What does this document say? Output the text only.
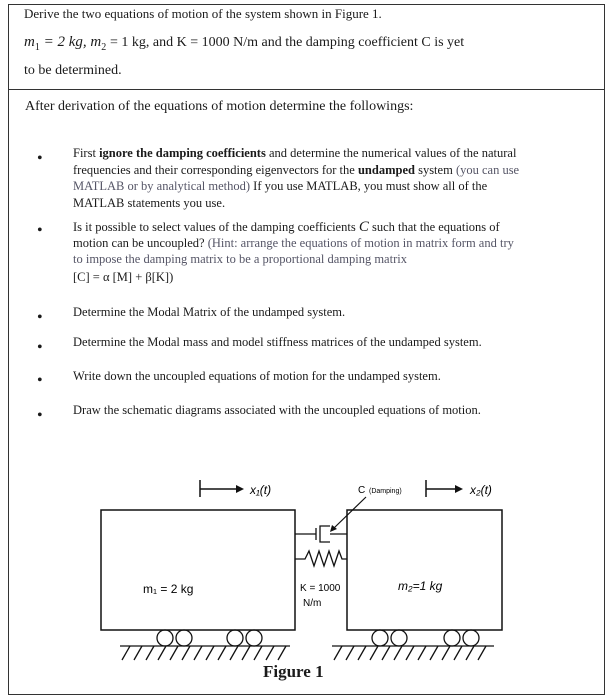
Derive the two equations of motion of the system shown in Figure 1.
$m_1 = 2$ kg, $m_2 = 1$ kg, and K = 1000 N/m and the damping coefficient C is yet
to be determined.
After derivation of the equations of motion determine the followings:
• First ignore the damping coefficients and determine the numerical values of the natural
frequencies and their corresponding eigenvectors for the undamped system (you can use
MATLAB or by analytical method) If you use MATLAB, you must show all of the
MATLAB statements you use.
• Is it possible to select values of the damping coefficients C such that the equations of
motion can be uncoupled? (Hint: arrange the equations of motion in matrix form and try
to impose the damping matrix to be a proportional damping matrix
[C] = α [M] + β[K])
• Determine the Modal Matrix of the undamped system.
• Determine the Modal mass and model stiffness matrices of the undamped system.
• Write down the uncoupled equations of motion for the undamped system.
• Draw the schematic diagrams associated with the uncoupled equations of motion.
x₁(t)	x₂(t)
C (Damping)
m₁ = 2 kg	m₂=1 kg
K = 1000
N/m
Figure 1
